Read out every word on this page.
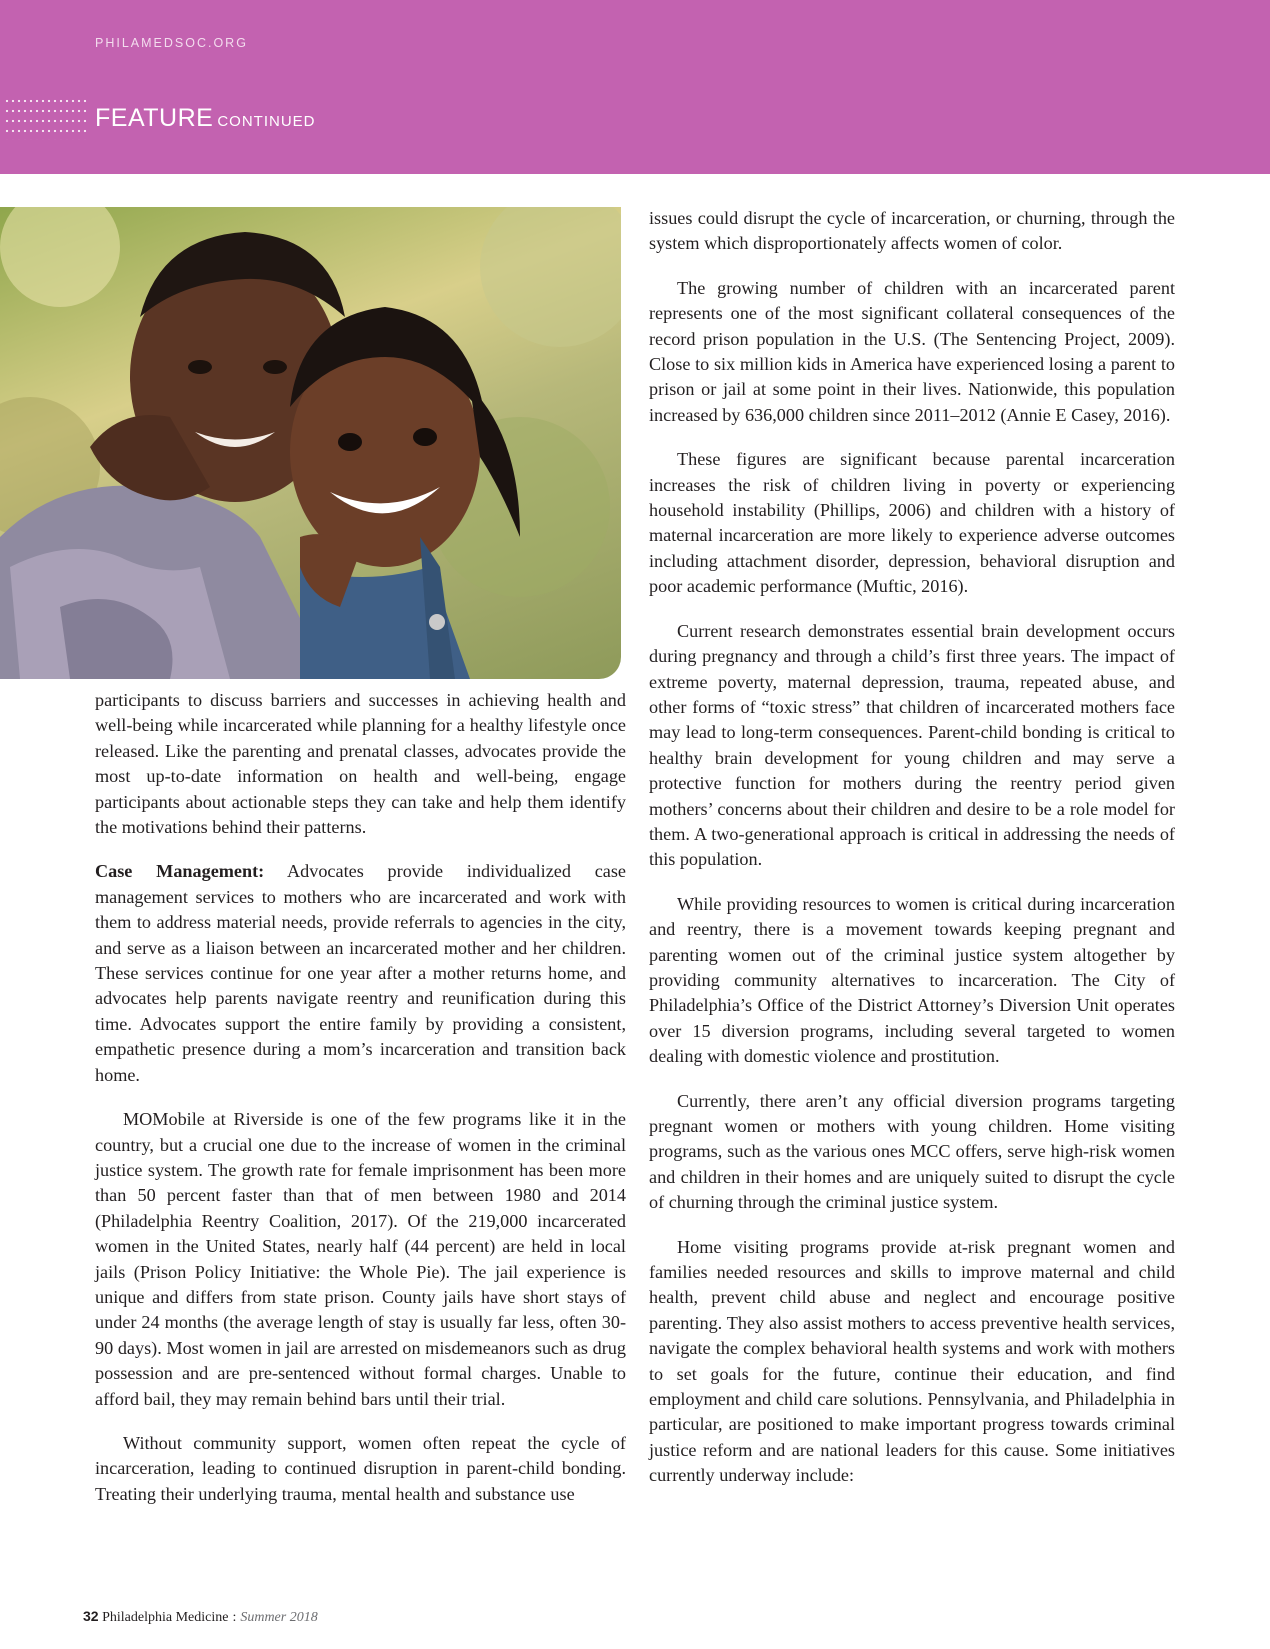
PHILAMEDSOC.ORG
FEATURE CONTINUED

participants to discuss barriers and successes in achieving health and well-being while incarcerated while planning for a healthy lifestyle once released. Like the parenting and prenatal classes, advocates provide the most up-to-date information on health and well-being, engage participants about actionable steps they can take and help them identify the motivations behind their patterns.

Case Management: Advocates provide individualized case management services to mothers who are incarcerated and work with them to address material needs, provide referrals to agencies in the city, and serve as a liaison between an incarcerated mother and her children. These services continue for one year after a mother returns home, and advocates help parents navigate reentry and reunification during this time. Advocates support the entire family by providing a consistent, empathetic presence during a mom’s incarceration and transition back home.

MOMobile at Riverside is one of the few programs like it in the country, but a crucial one due to the increase of women in the criminal justice system. The growth rate for female imprisonment has been more than 50 percent faster than that of men between 1980 and 2014 (Philadelphia Reentry Coalition, 2017). Of the 219,000 incarcerated women in the United States, nearly half (44 percent) are held in local jails (Prison Policy Initiative: the Whole Pie). The jail experience is unique and differs from state prison. County jails have short stays of under 24 months (the average length of stay is usually far less, often 30-90 days). Most women in jail are arrested on misdemeanors such as drug possession and are pre-sentenced without formal charges. Unable to afford bail, they may remain behind bars until their trial.

Without community support, women often repeat the cycle of incarceration, leading to continued disruption in parent-child bonding. Treating their underlying trauma, mental health and substance use

issues could disrupt the cycle of incarceration, or churning, through the system which disproportionately affects women of color.

The growing number of children with an incarcerated parent represents one of the most significant collateral consequences of the record prison population in the U.S. (The Sentencing Project, 2009). Close to six million kids in America have experienced losing a parent to prison or jail at some point in their lives. Nationwide, this population increased by 636,000 children since 2011–2012 (Annie E Casey, 2016).

These figures are significant because parental incarceration increases the risk of children living in poverty or experiencing household instability (Phillips, 2006) and children with a history of maternal incarceration are more likely to experience adverse outcomes including attachment disorder, depression, behavioral disruption and poor academic performance (Muftic, 2016).

Current research demonstrates essential brain development occurs during pregnancy and through a child’s first three years. The impact of extreme poverty, maternal depression, trauma, repeated abuse, and other forms of “toxic stress” that children of incarcerated mothers face may lead to long-term consequences. Parent-child bonding is critical to healthy brain development for young children and may serve a protective function for mothers during the reentry period given mothers’ concerns about their children and desire to be a role model for them. A two-generational approach is critical in addressing the needs of this population.

While providing resources to women is critical during incarceration and reentry, there is a movement towards keeping pregnant and parenting women out of the criminal justice system altogether by providing community alternatives to incarceration. The City of Philadelphia’s Office of the District Attorney’s Diversion Unit operates over 15 diversion programs, including several targeted to women dealing with domestic violence and prostitution.

Currently, there aren’t any official diversion programs targeting pregnant women or mothers with young children. Home visiting programs, such as the various ones MCC offers, serve high-risk women and children in their homes and are uniquely suited to disrupt the cycle of churning through the criminal justice system.

Home visiting programs provide at-risk pregnant women and families needed resources and skills to improve maternal and child health, prevent child abuse and neglect and encourage positive parenting. They also assist mothers to access preventive health services, navigate the complex behavioral health systems and work with mothers to set goals for the future, continue their education, and find employment and child care solutions. Pennsylvania, and Philadelphia in particular, are positioned to make important progress towards criminal justice reform and are national leaders for this cause. Some initiatives currently underway include:

32 Philadelphia Medicine : Summer 2018
